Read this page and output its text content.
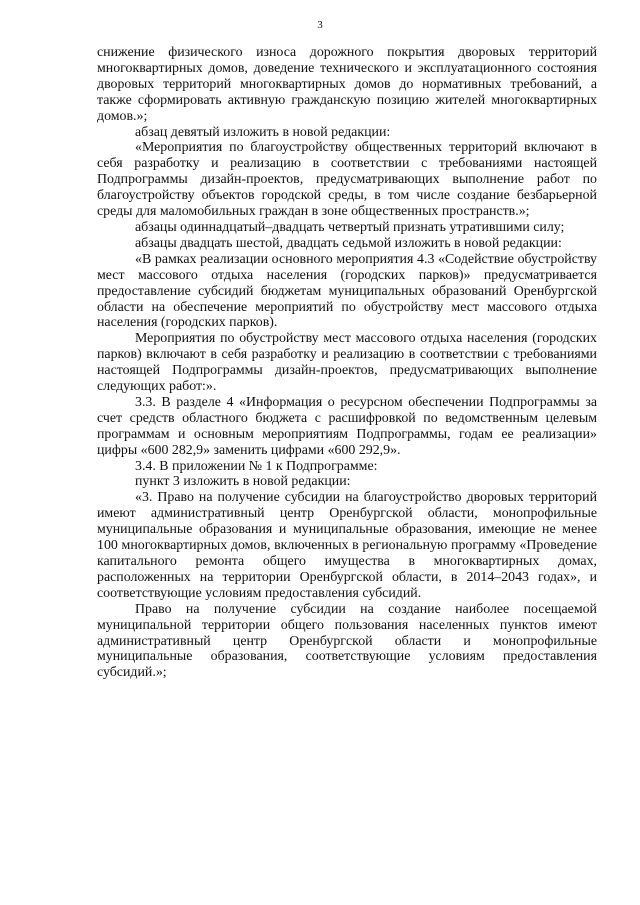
3

снижение физического износа дорожного покрытия дворовых территорий многоквартирных домов, доведение технического и эксплуатационного состояния дворовых территорий многоквартирных домов до нормативных требований, а также сформировать активную гражданскую позицию жителей многоквартирных домов.»;

абзац девятый изложить в новой редакции:

«Мероприятия по благоустройству общественных территорий включают в себя разработку и реализацию в соответствии с требованиями настоящей Подпрограммы дизайн-проектов, предусматривающих выполнение работ по благоустройству объектов городской среды, в том числе создание безбарьерной среды для маломобильных граждан в зоне общественных пространств.»;

абзацы одиннадцатый–двадцать четвертый признать утратившими силу;

абзацы двадцать шестой, двадцать седьмой изложить в новой редакции:

«В рамках реализации основного мероприятия 4.3 «Содействие обустройству мест массового отдыха населения (городских парков)» предусматривается предоставление субсидий бюджетам муниципальных образований Оренбургской области на обеспечение мероприятий по обустройству мест массового отдыха населения (городских парков).

Мероприятия по обустройству мест массового отдыха населения (городских парков) включают в себя разработку и реализацию в соответствии с требованиями настоящей Подпрограммы дизайн-проектов, предусматривающих выполнение следующих работ:».

3.3. В разделе 4 «Информация о ресурсном обеспечении Подпрограммы за счет средств областного бюджета с расшифровкой по ведомственным целевым программам и основным мероприятиям Подпрограммы, годам ее реализации» цифры «600 282,9» заменить цифрами «600 292,9».

3.4. В приложении № 1 к Подпрограмме:

пункт 3 изложить в новой редакции:

«3. Право на получение субсидии на благоустройство дворовых территорий имеют административный центр Оренбургской области, монопрофильные муниципальные образования и муниципальные образования, имеющие не менее 100 многоквартирных домов, включенных в региональную программу «Проведение капитального ремонта общего имущества в многоквартирных домах, расположенных на территории Оренбургской области, в 2014–2043 годах», и соответствующие условиям предоставления субсидий.

Право на получение субсидии на создание наиболее посещаемой муниципальной территории общего пользования населенных пунктов имеют административный центр Оренбургской области и монопрофильные муниципальные образования, соответствующие условиям предоставления субсидий.»;
